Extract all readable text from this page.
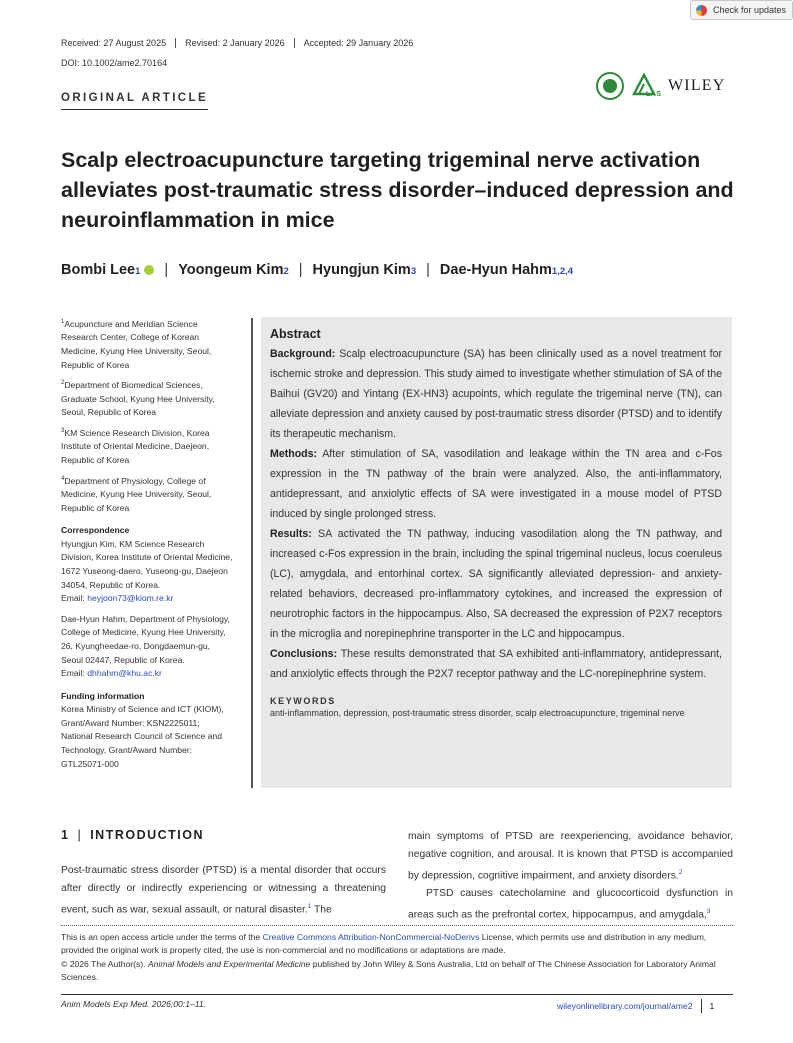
Check for updates
Received: 27 August 2025	Revised: 2 January 2026	Accepted: 29 January 2026
DOI: 10.1002/ame2.70164
ORIGINAL ARTICLE	LAS
WILEY
Scalp electroacupuncture targeting trigeminal nerve activation alleviates post-traumatic stress disorder–induced depression and neuroinflammation in mice
Bombi Lee 1 | Yoongeum Kim 2 | Hyungjun Kim 3 | Dae-Hyun Hahm 1,2,4
$^1$Acupuncture and Meridian Science Research Center, College of Korean Medicine, Kyung Hee University, Seoul, Republic of Korea
$^2$Department of Biomedical Sciences, Graduate School, Kyung Hee University, Seoul, Republic of Korea
$^3$KM Science Research Division, Korea Institute of Oriental Medicine, Daejeon, Republic of Korea
$^4$Department of Physiology, College of Medicine, Kyung Hee University, Seoul, Republic of Korea
Correspondence
Hyungjun Kim, KM Science Research Division, Korea Institute of Oriental Medicine, 1672 Yuseong-daero, Yuseong-gu, Daejeon 34054, Republic of Korea.
Email: heyjoon73@kiom.re.kr
Dae-Hyun Hahm, Department of Physiology, College of Medicine, Kyung Hee University, 26, Kyungheedae-ro, Dongdaemun-gu, Seoul 02447, Republic of Korea.
Email: dhhahm@khu.ac.kr
Funding information
Korea Ministry of Science and ICT (KIOM), Grant/Award Number: KSN2225011; National Research Council of Science and Technology, Grant/Award Number: GTL25071-000
Abstract

Background: Scalp electroacupuncture (SA) has been clinically used as a novel treatment for ischemic stroke and depression. This study aimed to investigate whether stimulation of SA of the Baihui (GV20) and Yintang (EX-HN3) acupoints, which regulate the trigeminal nerve (TN), can alleviate depression and anxiety caused by post-traumatic stress disorder (PTSD) and to identify its therapeutic mechanism.

Methods: After stimulation of SA, vasodilation and leakage within the TN area and c-Fos expression in the TN pathway of the brain were analyzed. Also, the anti-inflammatory, antidepressant, and anxiolytic effects of SA were investigated in a mouse model of PTSD induced by single prolonged stress.

Results: SA activated the TN pathway, inducing vasodilation along the TN pathway, and increased c-Fos expression in the brain, including the spinal trigeminal nucleus, locus coeruleus (LC), amygdala, and entorhinal cortex. SA significantly alleviated depression- and anxiety-related behaviors, decreased pro-inflammatory cytokines, and increased the expression of neurotrophic factors in the hippocampus. Also, SA decreased the expression of P2X7 receptors in the microglia and norepinephrine transporter in the LC and hippocampus.

Conclusions: These results demonstrated that SA exhibited anti-inflammatory, antidepressant, and anxiolytic effects through the P2X7 receptor pathway and the LC-norepinephrine system.

KEYWORDS
anti-inflammation, depression, post-traumatic stress disorder, scalp electroacupuncture, trigeminal nerve
1 | INTRODUCTION

Post-traumatic stress disorder (PTSD) is a mental disorder that occurs after directly or indirectly experiencing or witnessing a threatening event, such as war, sexual assault, or natural disaster.$^1$ The

main symptoms of PTSD are reexperiencing, avoidance behavior, negative cognition, and arousal. It is known that PTSD is accompanied by depression, cognitive impairment, and anxiety disorders.$^2$

PTSD causes catecholamine and glucocorticoid dysfunction in areas such as the prefrontal cortex, hippocampus, and amygdala,$^3$

This is an open access article under the terms of the Creative Commons Attribution-NonCommercial-NoDerivs License, which permits use and distribution in any medium, provided the original work is properly cited, the use is non-commercial and no modifications or adaptations are made.
© 2026 The Author(s). Animal Models and Experimental Medicine published by John Wiley & Sons Australia, Ltd on behalf of The Chinese Association for Laboratory Animal Sciences.
Anim Models Exp Med. 2026;00:1–11.	wileyonlinelibrary.com/journal/ame2	1
